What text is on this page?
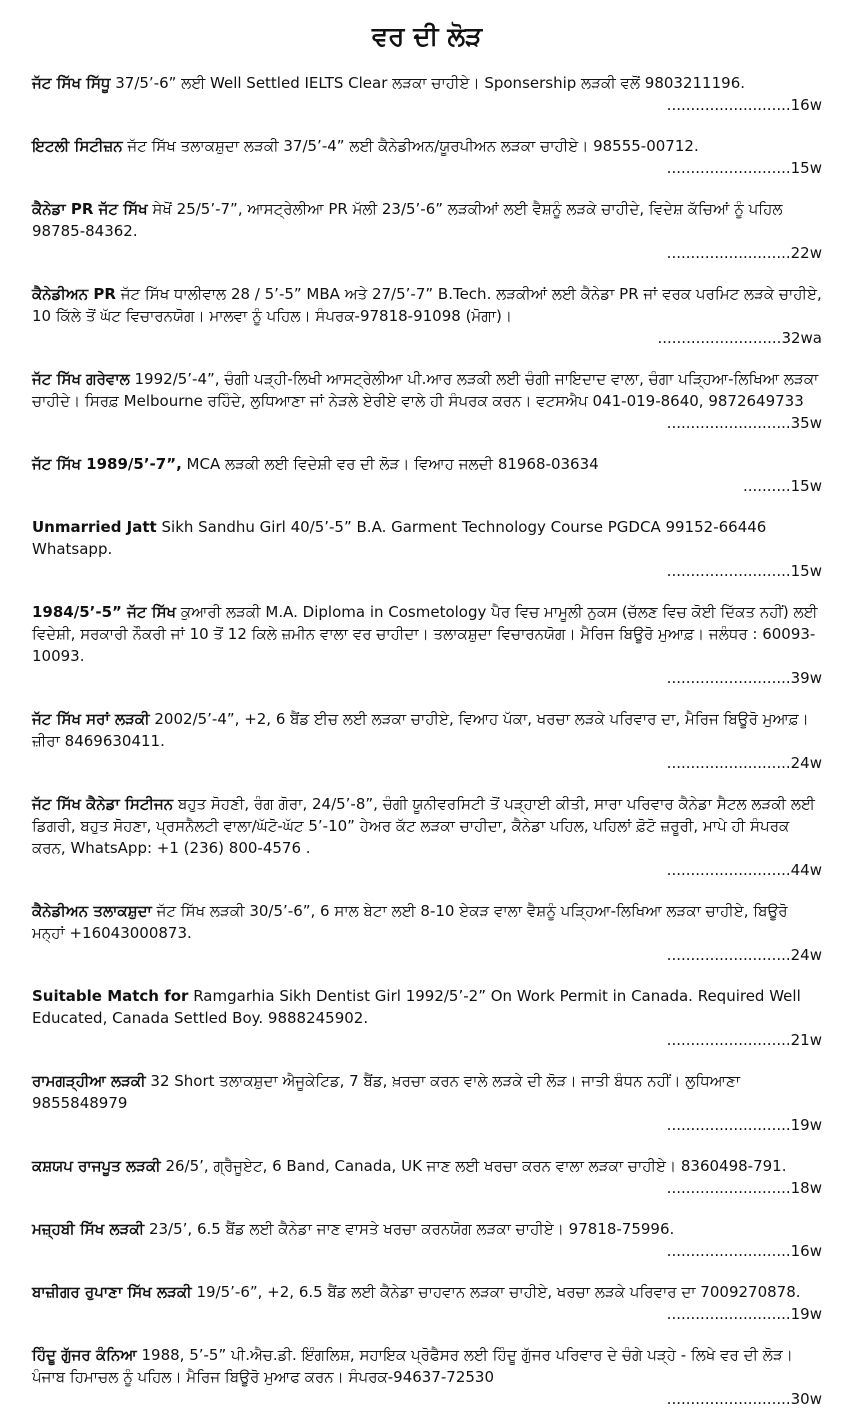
ਵਰ ਦੀ ਲੋੜ

ਜੱਟ ਸਿੱਖ ਸਿੱਧੂ 37/5’-6” ਲਈ Well Settled IELTS Clear ਲੜਕਾ ਚਾਹੀਏ। Sponsership ਲੜਕੀ ਵਲੋਂ 9803211196.

..........................16w

ਇਟਲੀ ਸਿਟੀਜ਼ਨ ਜੱਟ ਸਿੱਖ ਤਲਾਕਸ਼ੁਦਾ ਲੜਕੀ 37/5’-4” ਲਈ ਕੈਨੇਡੀਅਨ/ਯੂਰਪੀਅਨ ਲੜਕਾ ਚਾਹੀਏ। 98555-00712.

..........................15w

ਕੈਨੇਡਾ PR ਜੱਟ ਸਿੱਖ ਸੇਖੋਂ 25/5’-7”, ਆਸਟ੍ਰੇਲੀਆ PR ਮੱਲੀ 23/5’-6” ਲੜਕੀਆਂ ਲਈ ਵੈਸ਼ਨੂੰ ਲੜਕੇ ਚਾਹੀਦੇ, ਵਿਦੇਸ਼ ਕੱਚਿਆਂ ਨੂੰ ਪਹਿਲ 98785-84362.

..........................22w

ਕੈਨੇਡੀਅਨ PR ਜੱਟ ਸਿੱਖ ਧਾਲੀਵਾਲ 28 / 5’-5” MBA ਅਤੇ 27/5’-7” B.Tech. ਲੜਕੀਆਂ ਲਈ ਕੈਨੇਡਾ PR ਜਾਂ ਵਰਕ ਪਰਮਿਟ ਲੜਕੇ ਚਾਹੀਏ, 10 ਕਿੱਲੇ ਤੋਂ ਘੱਟ ਵਿਚਾਰਨਯੋਗ। ਮਾਲਵਾ ਨੂੰ ਪਹਿਲ। ਸੰਪਰਕ-97818-91098 (ਮੋਗਾ)।

..........................32wa

ਜੱਟ ਸਿੱਖ ਗਰੇਵਾਲ 1992/5’-4”, ਚੰਗੀ ਪੜ੍ਹੀ-ਲਿਖੀ ਆਸਟ੍ਰੇਲੀਆ ਪੀ.ਆਰ ਲੜਕੀ ਲਈ ਚੰਗੀ ਜਾਇਦਾਦ ਵਾਲਾ, ਚੰਗਾ ਪੜ੍ਹਿਆ-ਲਿਖਿਆ ਲੜਕਾ ਚਾਹੀਦੇ। ਸਿਰਫ਼ Melbourne ਰਹਿੰਦੇ, ਲੁਧਿਆਣਾ ਜਾਂ ਨੇੜਲੇ ਏਰੀਏ ਵਾਲੇ ਹੀ ਸੰਪਰਕ ਕਰਨ। ਵਟਸਐਪ 041-019-8640, 9872649733

..........................35w

ਜੱਟ ਸਿੱਖ 1989/5’-7”, MCA ਲੜਕੀ ਲਈ ਵਿਦੇਸ਼ੀ ਵਰ ਦੀ ਲੋੜ। ਵਿਆਹ ਜਲਦੀ 81968-03634

..........15w

Unmarried Jatt Sikh Sandhu Girl 40/5’-5” B.A. Garment Technology Course PGDCA 99152-66446 Whatsapp.

..........................15w

1984/5’-5” ਜੱਟ ਸਿੱਖ ਕੁਆਰੀ ਲੜਕੀ M.A. Diploma in Cosmetology ਪੈਰ ਵਿਚ ਮਾਮੂਲੀ ਨੁਕਸ (ਚੱਲਣ ਵਿਚ ਕੋਈ ਦਿੱਕਤ ਨਹੀਂ) ਲਈ ਵਿਦੇਸ਼ੀ, ਸਰਕਾਰੀ ਨੌਕਰੀ ਜਾਂ 10 ਤੋਂ 12 ਕਿਲੇ ਜ਼ਮੀਨ ਵਾਲਾ ਵਰ ਚਾਹੀਦਾ। ਤਲਾਕਸ਼ੁਦਾ ਵਿਚਾਰਨਯੋਗ। ਮੈਰਿਜ ਬਿਊਰੋ ਮੁਆਫ਼। ਜਲੰਧਰ : 60093-10093.

..........................39w

ਜੱਟ ਸਿੱਖ ਸਰਾਂ ਲੜਕੀ 2002/5’-4”, +2, 6 ਬੈਂਡ ਈਚ ਲਈ ਲੜਕਾ ਚਾਹੀਏ, ਵਿਆਹ ਪੱਕਾ, ਖਰਚਾ ਲੜਕੇ ਪਰਿਵਾਰ ਦਾ, ਮੈਰਿਜ ਬਿਊਰੋ ਮੁਆਫ਼। ਜ਼ੀਰਾ 8469630411.

..........................24w

ਜੱਟ ਸਿੱਖ ਕੈਨੇਡਾ ਸਿਟੀਜਨ ਬਹੁਤ ਸੋਹਣੀ, ਰੰਗ ਗੋਰਾ, 24/5’-8”, ਚੰਗੀ ਯੂਨੀਵਰਸਿਟੀ ਤੋਂ ਪੜ੍ਹਾਈ ਕੀਤੀ, ਸਾਰਾ ਪਰਿਵਾਰ ਕੈਨੇਡਾ ਸੈਟਲ ਲੜਕੀ ਲਈ ਡਿਗਰੀ, ਬਹੁਤ ਸੋਹਣਾ, ਪ੍ਰਸਨੈਲਟੀ ਵਾਲਾ/ਘੱਟੋ-ਘੱਟ 5’-10” ਹੇਅਰ ਕੱਟ ਲੜਕਾ ਚਾਹੀਦਾ, ਕੈਨੇਡਾ ਪਹਿਲ, ਪਹਿਲਾਂ ਫ਼ੋਟੋ ਜ਼ਰੂਰੀ, ਮਾਪੇ ਹੀ ਸੰਪਰਕ ਕਰਨ, WhatsApp: +1 (236) 800-4576 .

..........................44w

ਕੈਨੇਡੀਅਨ ਤਲਾਕਸ਼ੁਦਾ ਜੱਟ ਸਿੱਖ ਲੜਕੀ 30/5’-6”, 6 ਸਾਲ ਬੇਟਾ ਲਈ 8-10 ਏਕੜ ਵਾਲਾ ਵੈਸ਼ਨੂੰ ਪੜ੍ਹਿਆ-ਲਿਖਿਆ ਲੜਕਾ ਚਾਹੀਏ, ਬਿਊਰੋ ਮਨ੍ਹਾਂ +16043000873.

..........................24w

Suitable Match for Ramgarhia Sikh Dentist Girl 1992/5’-2” On Work Permit in Canada. Required Well Educated, Canada Settled Boy. 9888245902.

..........................21w

ਰਾਮਗੜ੍ਹੀਆ ਲੜਕੀ 32 Short ਤਲਾਕਸ਼ੁਦਾ ਐਜੂਕੇਟਿਡ, 7 ਬੈਂਡ, ਖ਼ਰਚਾ ਕਰਨ ਵਾਲੇ ਲੜਕੇ ਦੀ ਲੋੜ। ਜਾਤੀ ਬੰਧਨ ਨਹੀਂ। ਲੁਧਿਆਣਾ 9855848979

..........................19w

ਕਸ਼ਯਪ ਰਾਜਪੂਤ ਲੜਕੀ 26/5’, ਗ੍ਰੈਜੂਏਟ, 6 Band, Canada, UK ਜਾਣ ਲਈ ਖਰਚਾ ਕਰਨ ਵਾਲਾ ਲੜਕਾ ਚਾਹੀਏ। 8360498-791.

..........................18w

ਮਜ਼੍ਹਬੀ ਸਿੱਖ ਲੜਕੀ 23/5’, 6.5 ਬੈਂਡ ਲਈ ਕੈਨੇਡਾ ਜਾਣ ਵਾਸਤੇ ਖਰਚਾ ਕਰਨਯੋਗ ਲੜਕਾ ਚਾਹੀਏ। 97818-75996.

..........................16w

ਬਾਜ਼ੀਗਰ ਰੁਪਾਣਾ ਸਿੱਖ ਲੜਕੀ 19/5’-6”, +2, 6.5 ਬੈਂਡ ਲਈ ਕੈਨੇਡਾ ਚਾਹਵਾਨ ਲੜਕਾ ਚਾਹੀਏ, ਖਰਚਾ ਲੜਕੇ ਪਰਿਵਾਰ ਦਾ 7009270878.

..........................19w

ਹਿੰਦੂ ਗੁੱਜਰ ਕੰਨਿਆ 1988, 5’-5” ਪੀ.ਐਚ.ਡੀ. ਇੰਗਲਿਸ਼, ਸਹਾਇਕ ਪ੍ਰੋਫੈਸਰ ਲਈ ਹਿੰਦੂ ਗੁੱਜਰ ਪਰਿਵਾਰ ਦੇ ਚੰਗੇ ਪੜ੍ਹੇ - ਲਿਖੇ ਵਰ ਦੀ ਲੋੜ। ਪੰਜਾਬ ਹਿਮਾਚਲ ਨੂੰ ਪਹਿਲ। ਮੈਰਿਜ ਬਿਊਰੋ ਮੁਆਫ ਕਰਨ। ਸੰਪਰਕ-94637-72530

..........................30w
